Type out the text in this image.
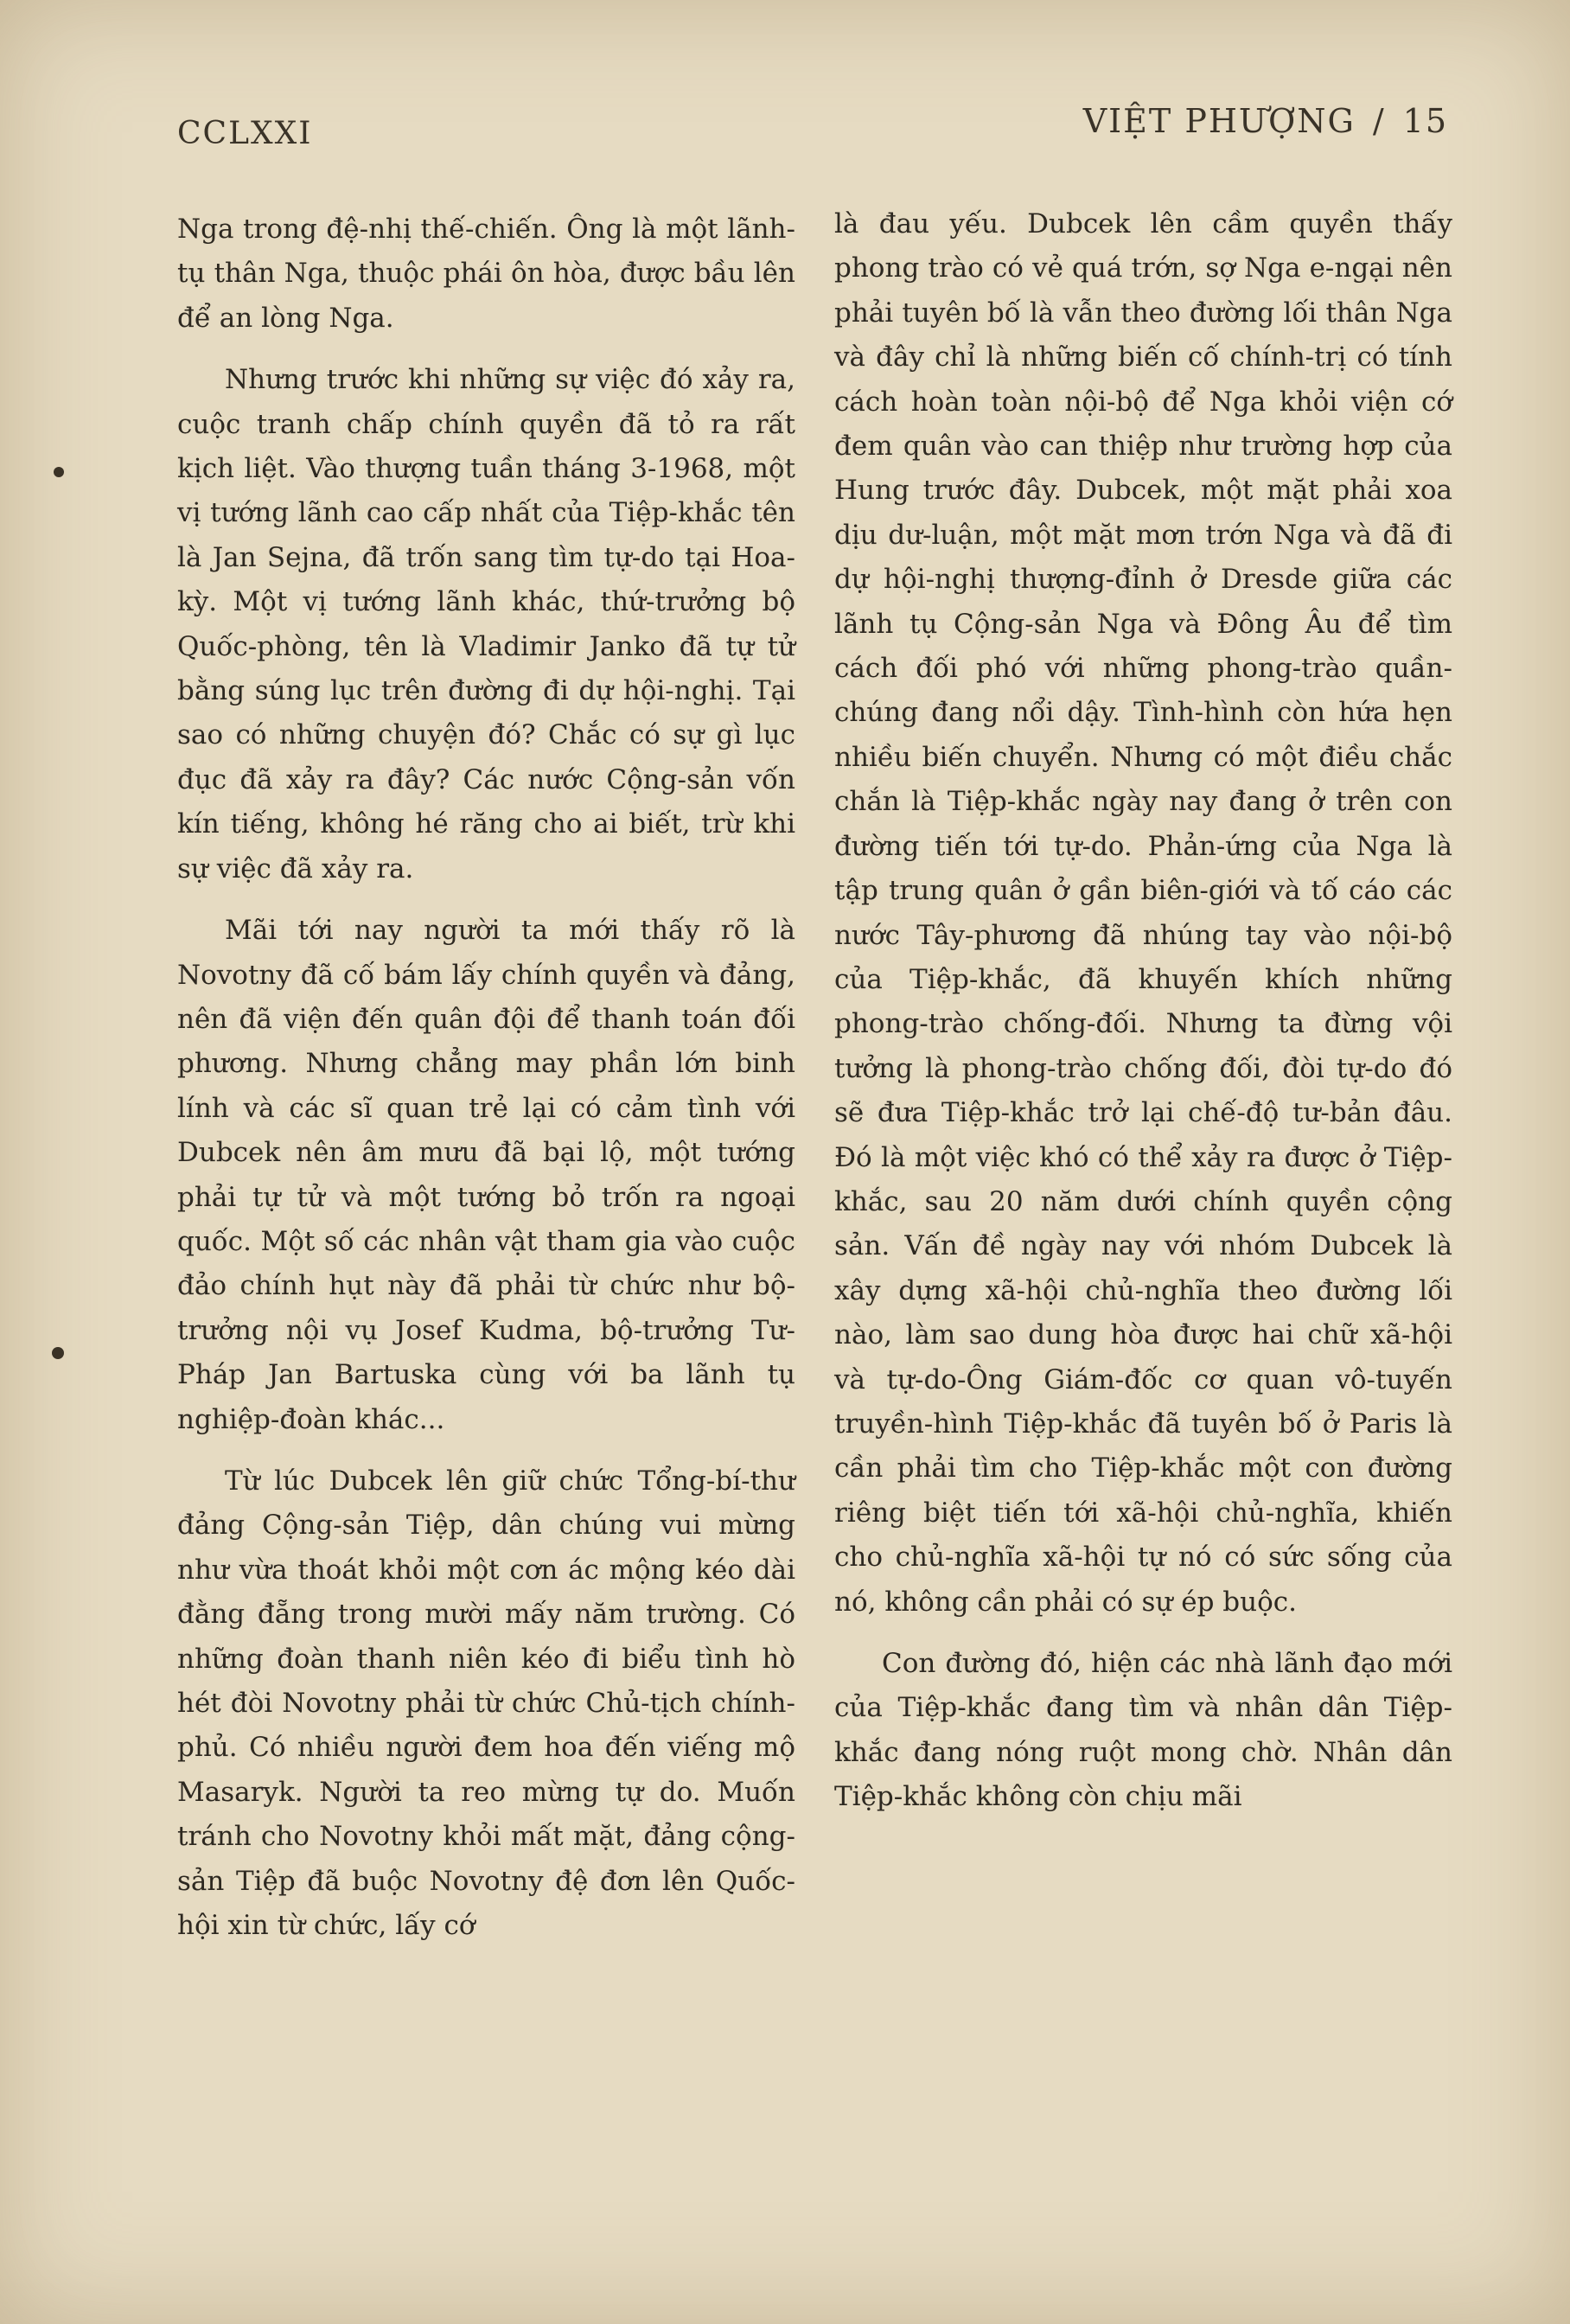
CCLXXI	VIỆT PHƯỢNG / 15

Nga trong đệ-nhị thế-chiến. Ông là một lãnh-tụ thân Nga, thuộc phái ôn hòa, được bầu lên để an lòng Nga.

Nhưng trước khi những sự việc đó xảy ra, cuộc tranh chấp chính quyền đã tỏ ra rất kịch liệt. Vào thượng tuần tháng 3-1968, một vị tướng lãnh cao cấp nhất của Tiệp-khắc tên là Jan Sejna, đã trốn sang tìm tự-do tại Hoa-kỳ. Một vị tướng lãnh khác, thứ-trưởng bộ Quốc-phòng, tên là Vladimir Janko đã tự tử bằng súng lục trên đường đi dự hội-nghị. Tại sao có những chuyện đó? Chắc có sự gì lục đục đã xảy ra đây? Các nước Cộng-sản vốn kín tiếng, không hé răng cho ai biết, trừ khi sự việc đã xảy ra.

Mãi tới nay người ta mới thấy rõ là Novotny đã cố bám lấy chính quyền và đảng, nên đã viện đến quân đội để thanh toán đối phương. Nhưng chẳng may phần lớn binh lính và các sĩ quan trẻ lại có cảm tình với Dubcek nên âm mưu đã bại lộ, một tướng phải tự tử và một tướng bỏ trốn ra ngoại quốc. Một số các nhân vật tham gia vào cuộc đảo chính hụt này đã phải từ chức như bộ-trưởng nội vụ Josef Kudma, bộ-trưởng Tư-Pháp Jan Bartuska cùng với ba lãnh tụ nghiệp-đoàn khác...

Từ lúc Dubcek lên giữ chức Tổng-bí-thư đảng Cộng-sản Tiệp, dân chúng vui mừng như vừa thoát khỏi một cơn ác mộng kéo dài đằng đẵng trong mười mấy năm trường. Có những đoàn thanh niên kéo đi biểu tình hò hét đòi Novotny phải từ chức Chủ-tịch chính-phủ. Có nhiều người đem hoa đến viếng mộ Masaryk. Người ta reo mừng tự do. Muốn tránh cho Novotny khỏi mất mặt, đảng cộng-sản Tiệp đã buộc Novotny đệ đơn lên Quốc-hội xin từ chức, lấy cớ

là đau yếu. Dubcek lên cầm quyền thấy phong trào có vẻ quá trớn, sợ Nga e-ngại nên phải tuyên bố là vẫn theo đường lối thân Nga và đây chỉ là những biến cố chính-trị có tính cách hoàn toàn nội-bộ để Nga khỏi viện cớ đem quân vào can thiệp như trường hợp của Hung trước đây. Dubcek, một mặt phải xoa dịu dư-luận, một mặt mơn trớn Nga và đã đi dự hội-nghị thượng-đỉnh ở Dresde giữa các lãnh tụ Cộng-sản Nga và Đông Âu để tìm cách đối phó với những phong-trào quần-chúng đang nổi dậy. Tình-hình còn hứa hẹn nhiều biến chuyển. Nhưng có một điều chắc chắn là Tiệp-khắc ngày nay đang ở trên con đường tiến tới tự-do. Phản-ứng của Nga là tập trung quân ở gần biên-giới và tố cáo các nước Tây-phương đã nhúng tay vào nội-bộ của Tiệp-khắc, đã khuyến khích những phong-trào chống-đối. Nhưng ta đừng vội tưởng là phong-trào chống đối, đòi tự-do đó sẽ đưa Tiệp-khắc trở lại chế-độ tư-bản đâu. Đó là một việc khó có thể xảy ra được ở Tiệp-khắc, sau 20 năm dưới chính quyền cộng sản. Vấn đề ngày nay với nhóm Dubcek là xây dựng xã-hội chủ-nghĩa theo đường lối nào, làm sao dung hòa được hai chữ xã-hội và tự-do-Ông Giám-đốc cơ quan vô-tuyến truyền-hình Tiệp-khắc đã tuyên bố ở Paris là cần phải tìm cho Tiệp-khắc một con đường riêng biệt tiến tới xã-hội chủ-nghĩa, khiến cho chủ-nghĩa xã-hội tự nó có sức sống của nó, không cần phải có sự ép buộc.

Con đường đó, hiện các nhà lãnh đạo mới của Tiệp-khắc đang tìm và nhân dân Tiệp-khắc đang nóng ruột mong chờ. Nhân dân Tiệp-khắc không còn chịu mãi
